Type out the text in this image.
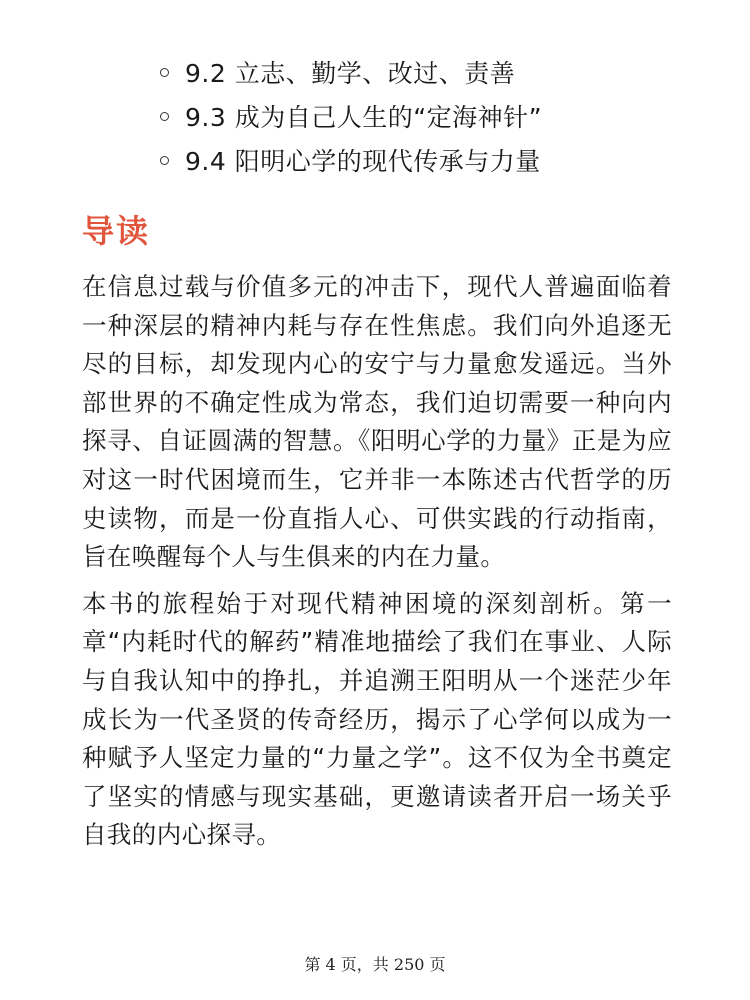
9.2 立志、勤学、改过、责善
9.3 成为自己人生的“定海神针”
9.4 阳明心学的现代传承与力量
导读

在信息过载与价值多元的冲击下，现代人普遍面临着一种深层的精神内耗与存在性焦虑。我们向外追逐无尽的目标，却发现内心的安宁与力量愈发遥远。当外部世界的不确定性成为常态，我们迫切需要一种向内探寻、自证圆满的智慧。《阳明心学的力量》正是为应对这一时代困境而生，它并非一本陈述古代哲学的历史读物，而是一份直指人心、可供实践的行动指南，旨在唤醒每个人与生俱来的内在力量。

本书的旅程始于对现代精神困境的深刻剖析。第一章“内耗时代的解药”精准地描绘了我们在事业、人际与自我认知中的挣扎，并追溯王阳明从一个迷茫少年成长为一代圣贤的传奇经历，揭示了心学何以成为一种赋予人坚定力量的“力量之学”。这不仅为全书奠定了坚实的情感与现实基础，更邀请读者开启一场关乎自我的内心探寻。

第 4 页，共 250 页
